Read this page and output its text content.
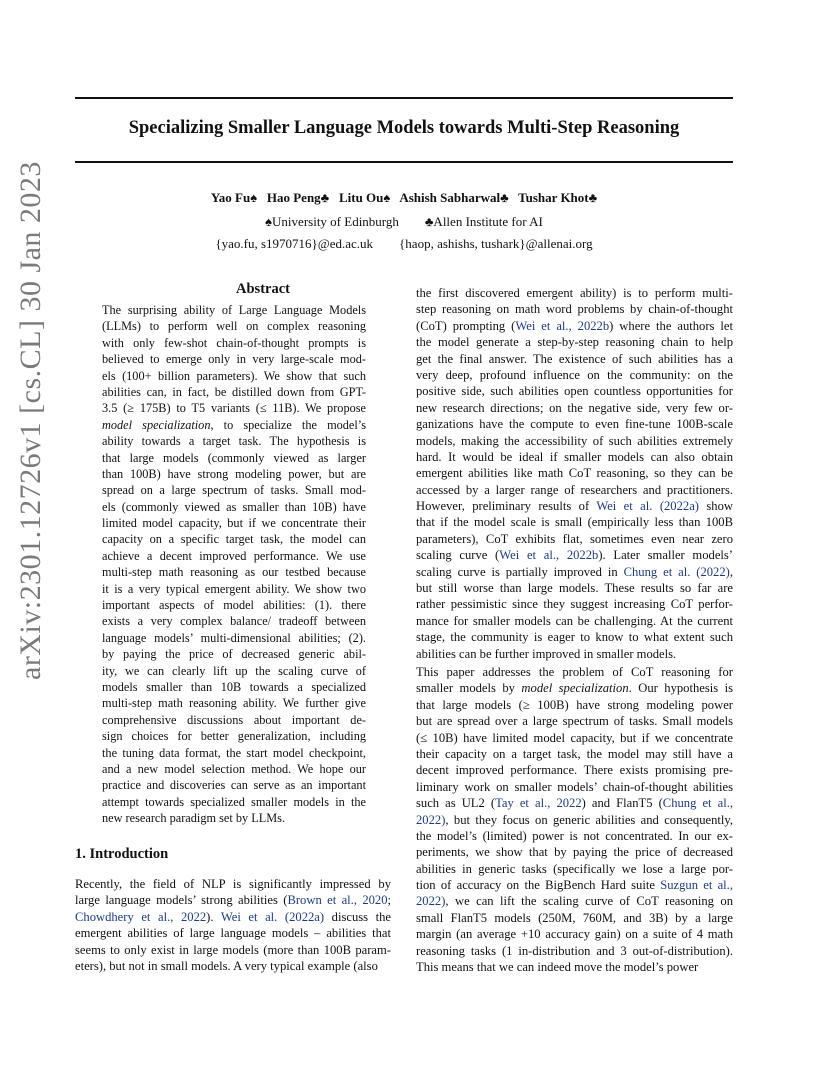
Specializing Smaller Language Models towards Multi-Step Reasoning
Yao Fu♠   Hao Peng♣   Litu Ou♠   Ashish Sabharwal♣   Tushar Khot♣
♠University of Edinburgh        ♣Allen Institute for AI
{yao.fu, s1970716}@ed.ac.uk        {haop, ashishs, tushark}@allenai.org
arXiv:2301.12726v1 [cs.CL] 30 Jan 2023	Abstract
The surprising ability of Large Language Models
(LLMs) to perform well on complex reasoning
with only few-shot chain-of-thought prompts is
believed to emerge only in very large-scale mod-
els (100+ billion parameters). We show that such
abilities can, in fact, be distilled down from GPT-
3.5 (≥ 175B) to T5 variants (≤ 11B). We propose
model specialization, to specialize the model’s
ability towards a target task. The hypothesis is
that large models (commonly viewed as larger
than 100B) have strong modeling power, but are
spread on a large spectrum of tasks. Small mod-
els (commonly viewed as smaller than 10B) have
limited model capacity, but if we concentrate their
capacity on a specific target task, the model can
achieve a decent improved performance. We use
multi-step math reasoning as our testbed because
it is a very typical emergent ability. We show two
important aspects of model abilities: (1). there
exists a very complex balance/ tradeoff between
language models’ multi-dimensional abilities; (2).
by paying the price of decreased generic abil-
ity, we can clearly lift up the scaling curve of
models smaller than 10B towards a specialized
multi-step math reasoning ability. We further give
comprehensive discussions about important de-
sign choices for better generalization, including
the tuning data format, the start model checkpoint,
and a new model selection method. We hope our
practice and discoveries can serve as an important
attempt towards specialized smaller models in the
new research paradigm set by LLMs.
1. Introduction
Recently, the field of NLP is significantly impressed by
large language models’ strong abilities (Brown et al., 2020;
Chowdhery et al., 2022). Wei et al. (2022a) discuss the
emergent abilities of large language models – abilities that
seems to only exist in large models (more than 100B param-
eters), but not in small models. A very typical example (also
the first discovered emergent ability) is to perform multi-
step reasoning on math word problems by chain-of-thought
(CoT) prompting (Wei et al., 2022b) where the authors let
the model generate a step-by-step reasoning chain to help
get the final answer. The existence of such abilities has a
very deep, profound influence on the community: on the
positive side, such abilities open countless opportunities for
new research directions; on the negative side, very few or-
ganizations have the compute to even fine-tune 100B-scale
models, making the accessibility of such abilities extremely
hard. It would be ideal if smaller models can also obtain
emergent abilities like math CoT reasoning, so they can be
accessed by a larger range of researchers and practitioners.
However, preliminary results of Wei et al. (2022a) show
that if the model scale is small (empirically less than 100B
parameters), CoT exhibits flat, sometimes even near zero
scaling curve (Wei et al., 2022b). Later smaller models’
scaling curve is partially improved in Chung et al. (2022),
but still worse than large models. These results so far are
rather pessimistic since they suggest increasing CoT perfor-
mance for smaller models can be challenging. At the current
stage, the community is eager to know to what extent such
abilities can be further improved in smaller models.
This paper addresses the problem of CoT reasoning for
smaller models by model specialization. Our hypothesis is
that large models (≥ 100B) have strong modeling power
but are spread over a large spectrum of tasks. Small models
(≤ 10B) have limited model capacity, but if we concentrate
their capacity on a target task, the model may still have a
decent improved performance. There exists promising pre-
liminary work on smaller models’ chain-of-thought abilities
such as UL2 (Tay et al., 2022) and FlanT5 (Chung et al.,
2022), but they focus on generic abilities and consequently,
the model’s (limited) power is not concentrated. In our ex-
periments, we show that by paying the price of decreased
abilities in generic tasks (specifically we lose a large por-
tion of accuracy on the BigBench Hard suite Suzgun et al.,
2022), we can lift the scaling curve of CoT reasoning on
small FlanT5 models (250M, 760M, and 3B) by a large
margin (an average +10 accuracy gain) on a suite of 4 math
reasoning tasks (1 in-distribution and 3 out-of-distribution).
This means that we can indeed move the model’s power
